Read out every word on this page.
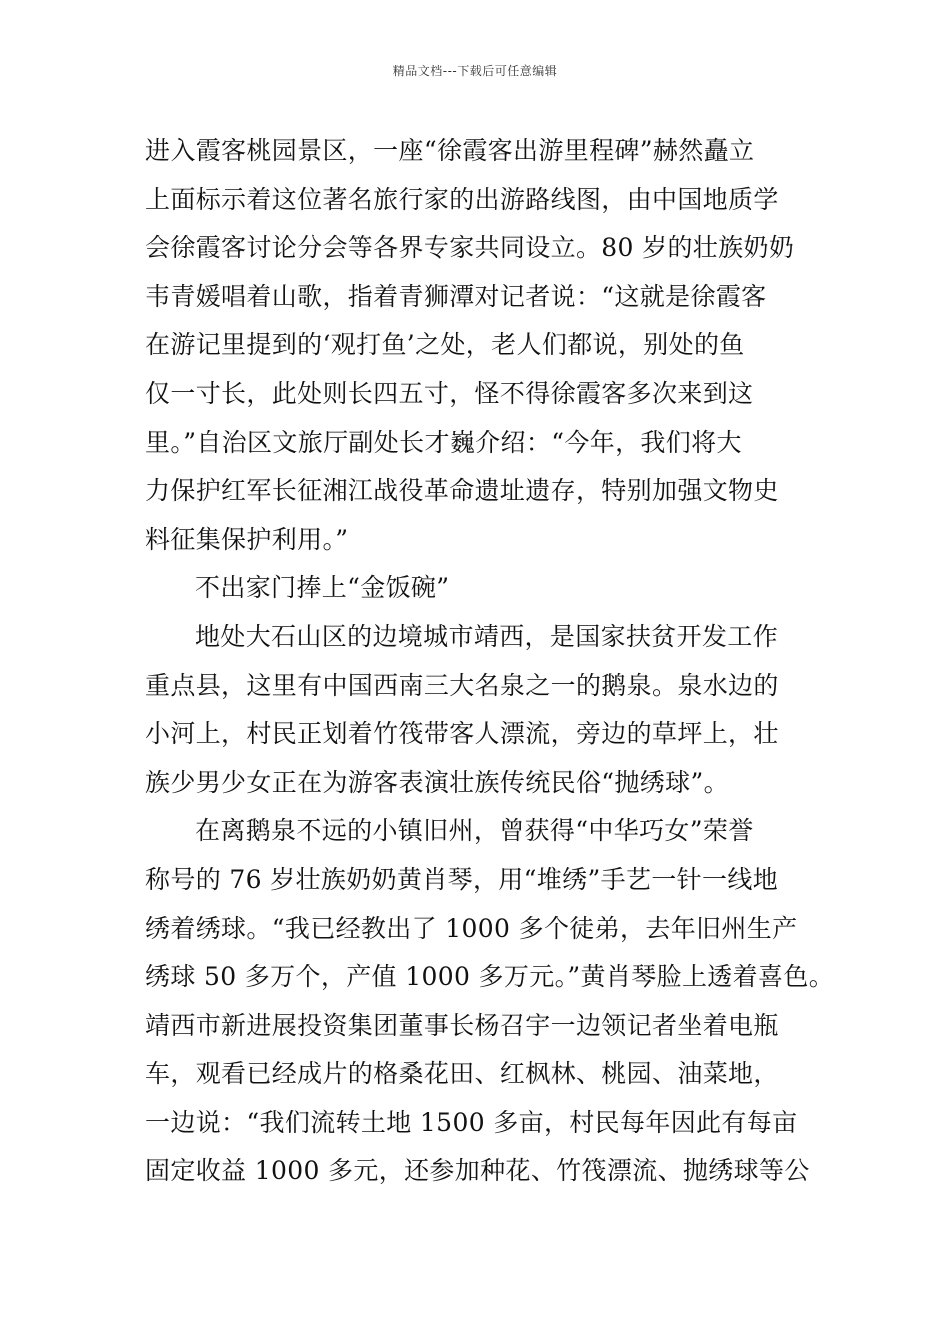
精品文档---下载后可任意编辑
进入霞客桃园景区，一座“徐霞客出游里程碑”赫然矗立
上面标示着这位著名旅行家的出游路线图，由中国地质学
会徐霞客讨论分会等各界专家共同设立。80 岁的壮族奶奶
韦青媛唱着山歌，指着青狮潭对记者说：“这就是徐霞客
在游记里提到的‘观打鱼’之处，老人们都说，别处的鱼
仅一寸长，此处则长四五寸，怪不得徐霞客多次来到这
里。”自治区文旅厅副处长才巍介绍：“今年，我们将大
力保护红军长征湘江战役革命遗址遗存，特别加强文物史
料征集保护利用。”
不出家门捧上“金饭碗”
地处大石山区的边境城市靖西，是国家扶贫开发工作
重点县，这里有中国西南三大名泉之一的鹅泉。泉水边的
小河上，村民正划着竹筏带客人漂流，旁边的草坪上，壮
族少男少女正在为游客表演壮族传统民俗“抛绣球”。
在离鹅泉不远的小镇旧州，曾获得“中华巧女”荣誉
称号的 76 岁壮族奶奶黄肖琴，用“堆绣”手艺一针一线地
绣着绣球。“我已经教出了 1000 多个徒弟，去年旧州生产
绣球 50 多万个，产值 1000 多万元。”黄肖琴脸上透着喜色。
靖西市新进展投资集团董事长杨召宇一边领记者坐着电瓶
车，观看已经成片的格桑花田、红枫林、桃园、油菜地，
一边说：“我们流转土地 1500 多亩，村民每年因此有每亩
固定收益 1000 多元，还参加种花、竹筏漂流、抛绣球等公
